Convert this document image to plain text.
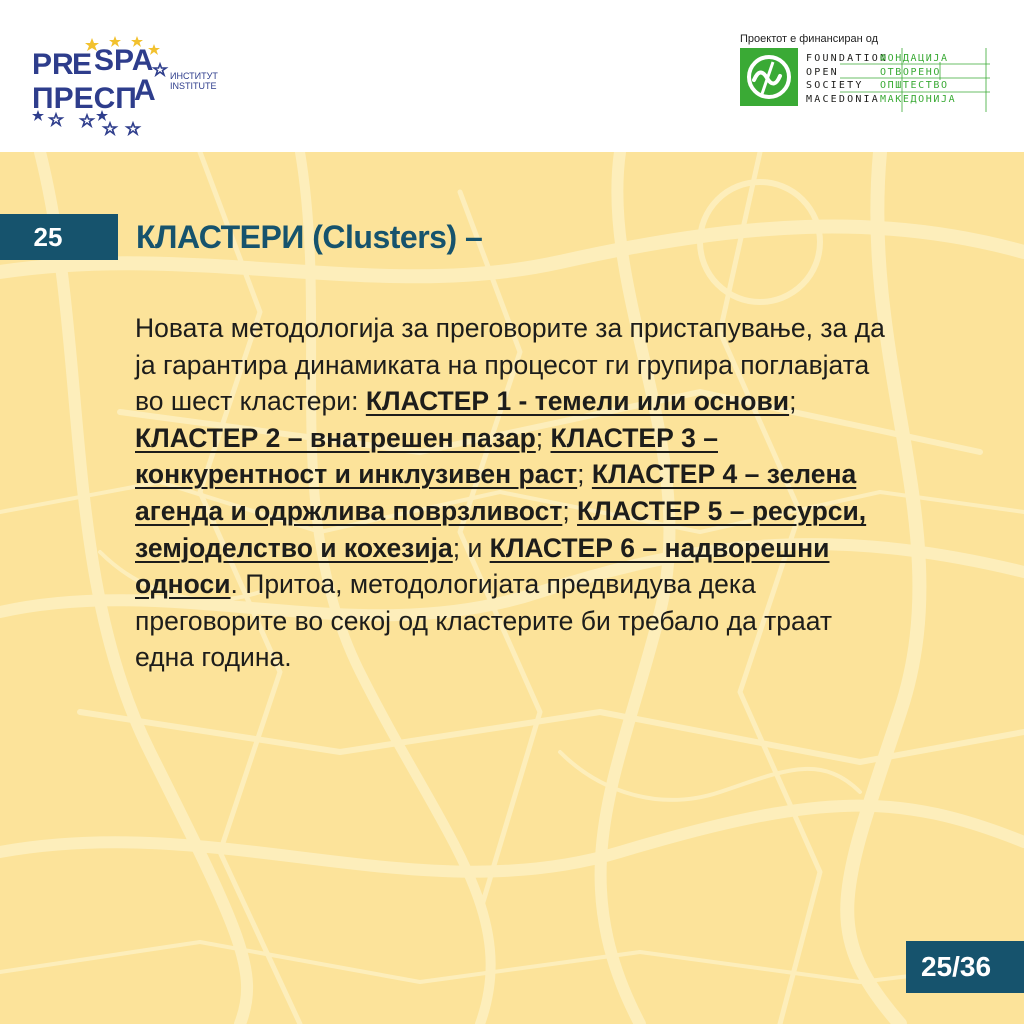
PR
E SPA
ПРЕСП
А ИНСТИТУТ
INSTITUTE
Проектот е финансиран од
FOUNDATION
OPEN
SOCIETY
MACEDONIA
ФОНДАЦИЈА
ОТВОРЕНО
ОПШТЕСТВО
МАКЕДОНИЈА
25	КЛАСТЕРИ (Clusters) –

Новата методологија за преговорите за пристапување, за да ја гарантира динамиката на процесот ги групира поглавјата во шест кластери: КЛАСТЕР 1 - темели или основи; КЛАСТЕР 2 – внатрешен пазар; КЛАСТЕР 3 – конкурентност и инклузивен раст; КЛАСТЕР 4 – зелена агенда и одржлива поврзливост; КЛАСТЕР 5 – ресурси, земјоделство и кохезија; и КЛАСТЕР 6 – надворешни односи. Притоа, методологијата предвидува дека преговорите во секој од кластерите би требало да траат една година.

25/36
